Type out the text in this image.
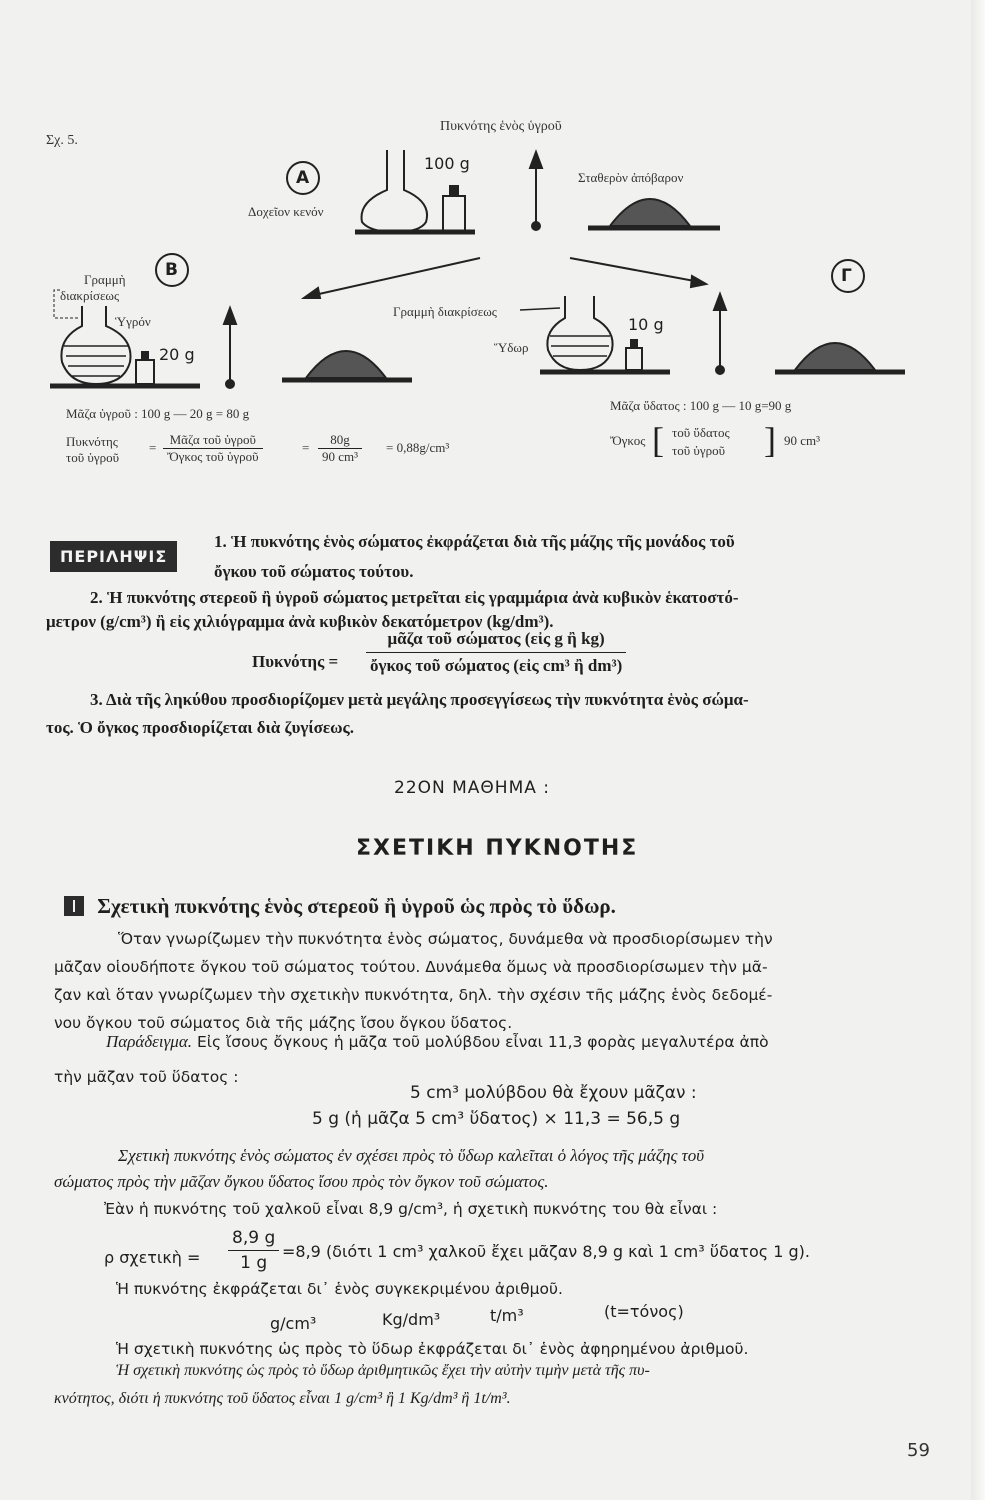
Σχ. 5.
Πυκνότης ἑνὸς ὑγροῦ
A
B	Γ
100 g
20 g
10 g
Δοχεῖον κενόν
Σταθερὸν ἀπόβαρον
Γραμμὴ
διακρίσεως
Ὑγρόν
Γραμμὴ διακρίσεως
Ὕδωρ
Μᾶζα ὑγροῦ : 100 g — 20 g = 80 g
Πυκνότης
τοῦ ὑγροῦ
=
Μᾶζα τοῦ ὑγροῦ
Ὄγκος τοῦ ὑγροῦ
= $\frac{80g}{\text{90 cm³}} = 0,88g/cm^3$
Μᾶζα ὕδατος : 100 g — 10 g=90 g
Ὄγκος [ τοῦ ὕδατος
τοῦ ὑγροῦ ] 90 cm³
ΠΕΡΙΛΗΨΙΣ
1. Ἡ πυκνότης ἑνὸς σώματος ἐκφράζεται διὰ τῆς μάζης τῆς μονάδος τοῦ
ὄγκου τοῦ σώματος τούτου.
2. Ἡ πυκνότης στερεοῦ ἢ ὑγροῦ σώματος μετρεῖται εἰς γραμμάρια ἀνὰ κυβικὸν ἑκατοστό-
μετρον (g/cm³) ἢ εἰς χιλιόγραμμα ἀνὰ κυβικὸν δεκατόμετρον (kg/dm³).
Πυκνότης =
μᾶζα τοῦ σώματος (εἰς g ἢ kg)
ὄγκος τοῦ σώματος (εἰς cm³ ἢ dm³)
3. Διὰ τῆς ληκύθου προσδιορίζομεν μετὰ μεγάλης προσεγγίσεως τὴν πυκνότητα ἑνὸς σώμα-
τος. Ὁ ὄγκος προσδιορίζεται διὰ ζυγίσεως.
22ΟΝ ΜΑΘΗΜΑ :
ΣΧΕΤΙΚΗ ΠΥΚΝΟΤΗΣ
Σχετικὴ πυκνότης ἑνὸς στερεοῦ ἢ ὑγροῦ ὡς πρὸς τὸ ὕδωρ.
Ὅταν γνωρίζωμεν τὴν πυκνότητα ἑνὸς σώματος, δυνάμεθα νὰ προσδιορίσωμεν τὴν
μᾶζαν οἱουδήποτε ὄγκου τοῦ σώματος τούτου. Δυνάμεθα ὅμως νὰ προσδιορίσωμεν τὴν μᾶ-
ζαν καὶ ὅταν γνωρίζωμεν τὴν σχετικὴν πυκνότητα, δηλ. τὴν σχέσιν τῆς μάζης ἑνὸς δεδομέ-
νου ὄγκου τοῦ σώματος διὰ τῆς μάζης ἴσου ὄγκου ὕδατος.
Παράδειγμα. Εἰς ἴσους ὄγκους ἡ μᾶζα τοῦ μολύβδου εἶναι 11,3 φορὰς μεγαλυτέρα ἀπὸ
τὴν μᾶζαν τοῦ ὕδατος :
5 cm³ μολύβδου θὰ ἔχουν μᾶζαν :
5 g (ἡ μᾶζα 5 cm³ ὕδατος) × 11,3 = 56,5 g
Σχετικὴ πυκνότης ἑνὸς σώματος ἐν σχέσει πρὸς τὸ ὕδωρ καλεῖται ὁ λόγος τῆς μάζης τοῦ
σώματος πρὸς τὴν μᾶζαν ὄγκου ὕδατος ἴσου πρὸς τὸν ὄγκον τοῦ σώματος.
Ἐὰν ἡ πυκνότης τοῦ χαλκοῦ εἶναι 8,9 g/cm³, ἡ σχετικὴ πυκνότης του θὰ εἶναι :
ρ σχετικὴ = $\frac{8,9 g}{1 g} =8,9$ (διότι 1 cm³ χαλκοῦ ἔχει μᾶζαν 8,9 g καὶ 1 cm³ ὕδατος 1 g).
Ἡ πυκνότης ἐκφράζεται δι᾽ ἑνὸς συγκεκριμένου ἀριθμοῦ.
g/cm³	Kg/dm³	t/m³	(t=τόνος)
Ἡ σχετικὴ πυκνότης ὡς πρὸς τὸ ὕδωρ ἐκφράζεται δι᾽ ἑνὸς ἀφηρημένου ἀριθμοῦ.
Ἡ σχετικὴ πυκνότης ὡς πρὸς τὸ ὕδωρ ἀριθμητικῶς ἔχει τὴν αὐτὴν τιμὴν μετὰ τῆς πυ-
κνότητος, διότι ἡ πυκνότης τοῦ ὕδατος εἶναι 1 g/cm³ ἢ 1 Kg/dm³ ἢ 1t/m³.
59
